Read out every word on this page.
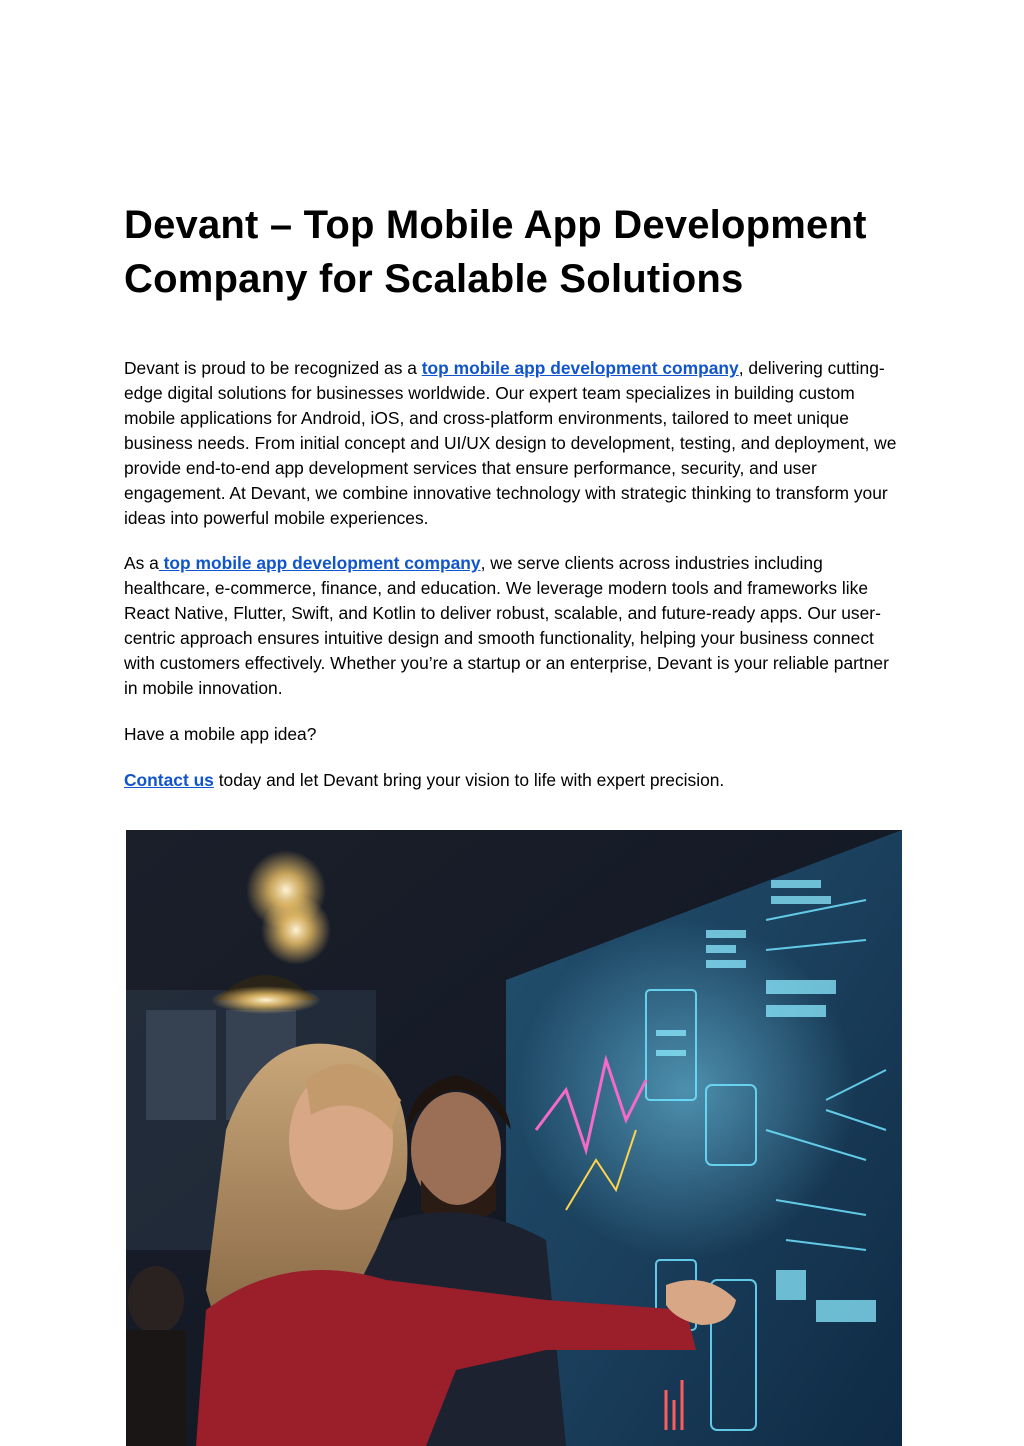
Devant – Top Mobile App Development
Company for Scalable Solutions

Devant is proud to be recognized as a top mobile app development company, delivering cutting-edge digital solutions for businesses worldwide. Our expert team specializes in building custom mobile applications for Android, iOS, and cross-platform environments, tailored to meet unique business needs. From initial concept and UI/UX design to development, testing, and deployment, we provide end-to-end app development services that ensure performance, security, and user engagement. At Devant, we combine innovative technology with strategic thinking to transform your ideas into powerful mobile experiences.

As a top mobile app development company, we serve clients across industries including healthcare, e-commerce, finance, and education. We leverage modern tools and frameworks like React Native, Flutter, Swift, and Kotlin to deliver robust, scalable, and future-ready apps. Our user-centric approach ensures intuitive design and smooth functionality, helping your business connect with customers effectively. Whether you’re a startup or an enterprise, Devant is your reliable partner in mobile innovation.

Have a mobile app idea?

Contact us today and let Devant bring your vision to life with expert precision.
